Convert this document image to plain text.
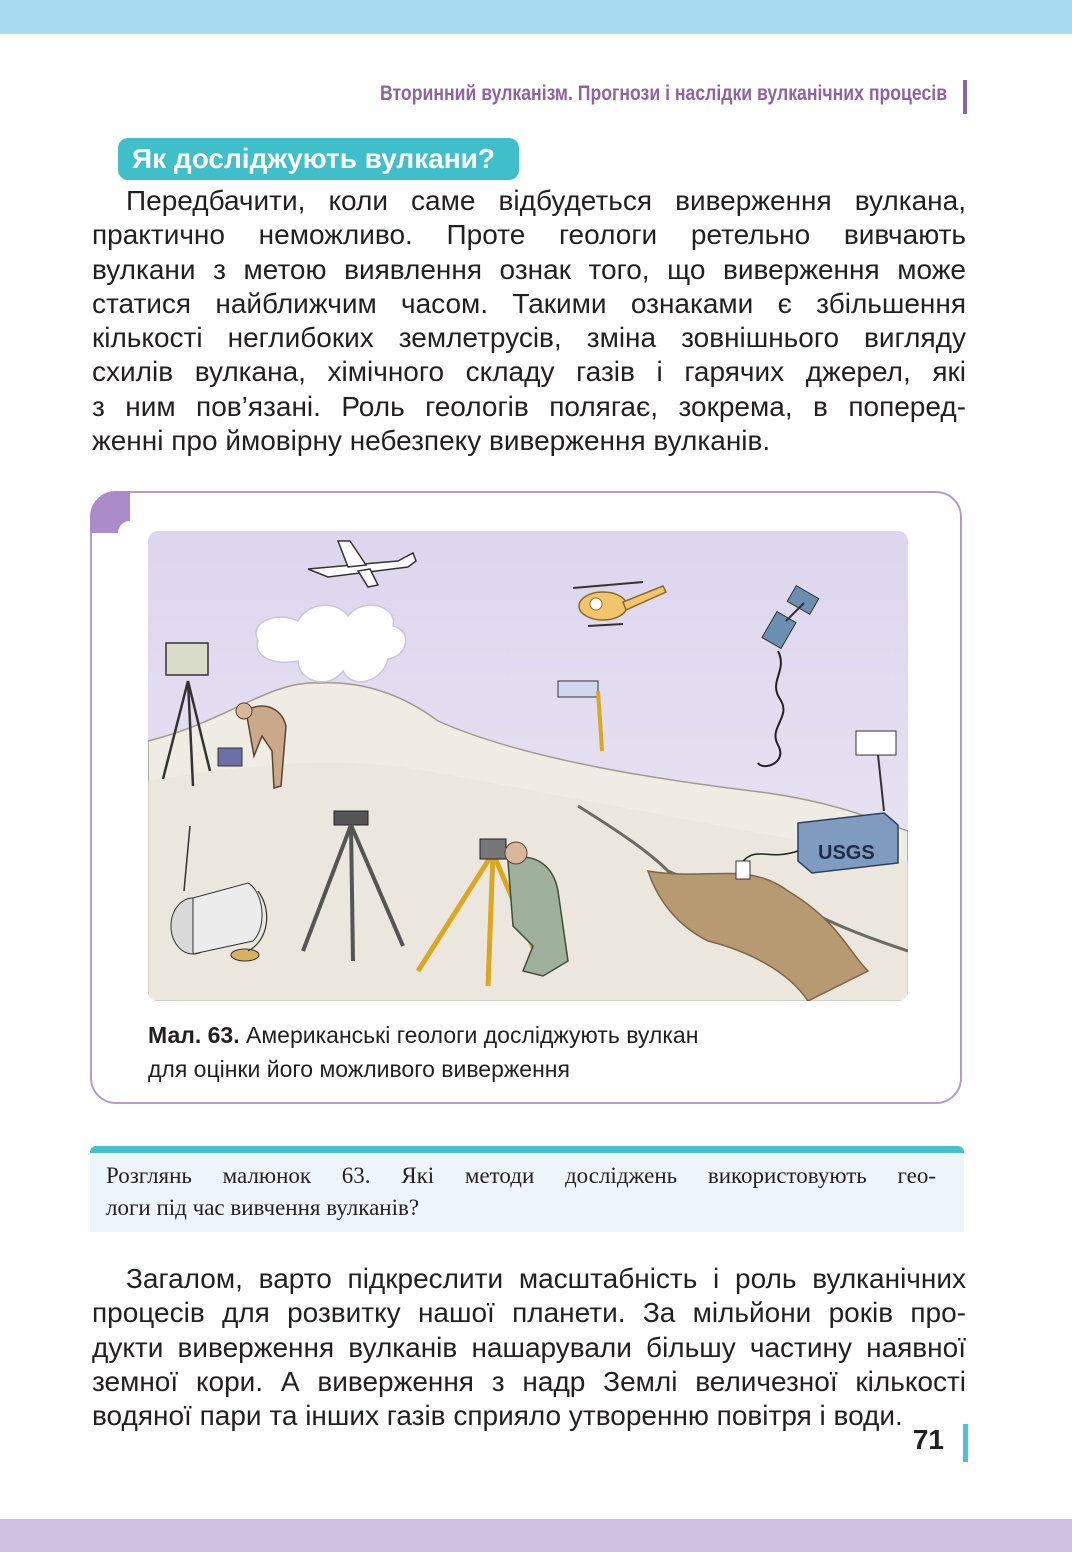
Вторинний вулканізм. Прогнози і наслідки вулканічних процесів
Як досліджують вулкани?
Передбачити, коли саме відбудеться виверження вулкана,
практично неможливо. Проте геологи ретельно вивчають
вулкани з метою виявлення ознак того, що виверження може
статися найближчим часом. Такими ознаками є збільшення
кількості неглибоких землетрусів, зміна зовнішнього вигляду
схилів вулкана, хімічного складу газів і гарячих джерел, які
з ним пов’язані. Роль геологів полягає, зокрема, в поперед-
женні про ймовірну небезпеку виверження вулканів.
USGS
Мал. 63. Американські геологи досліджують вулкан
для оцінки його можливого виверження
Розглянь малюнок 63. Які методи досліджень використовують гео-
логи під час вивчення вулканів?
Загалом, варто підкреслити масштабність і роль вулканічних
процесів для розвитку нашої планети. За мільйони років про-
дукти виверження вулканів нашарували більшу частину наявної
земної кори. А виверження з надр Землі величезної кількості
водяної пари та інших газів сприяло утворенню повітря і води.
71
